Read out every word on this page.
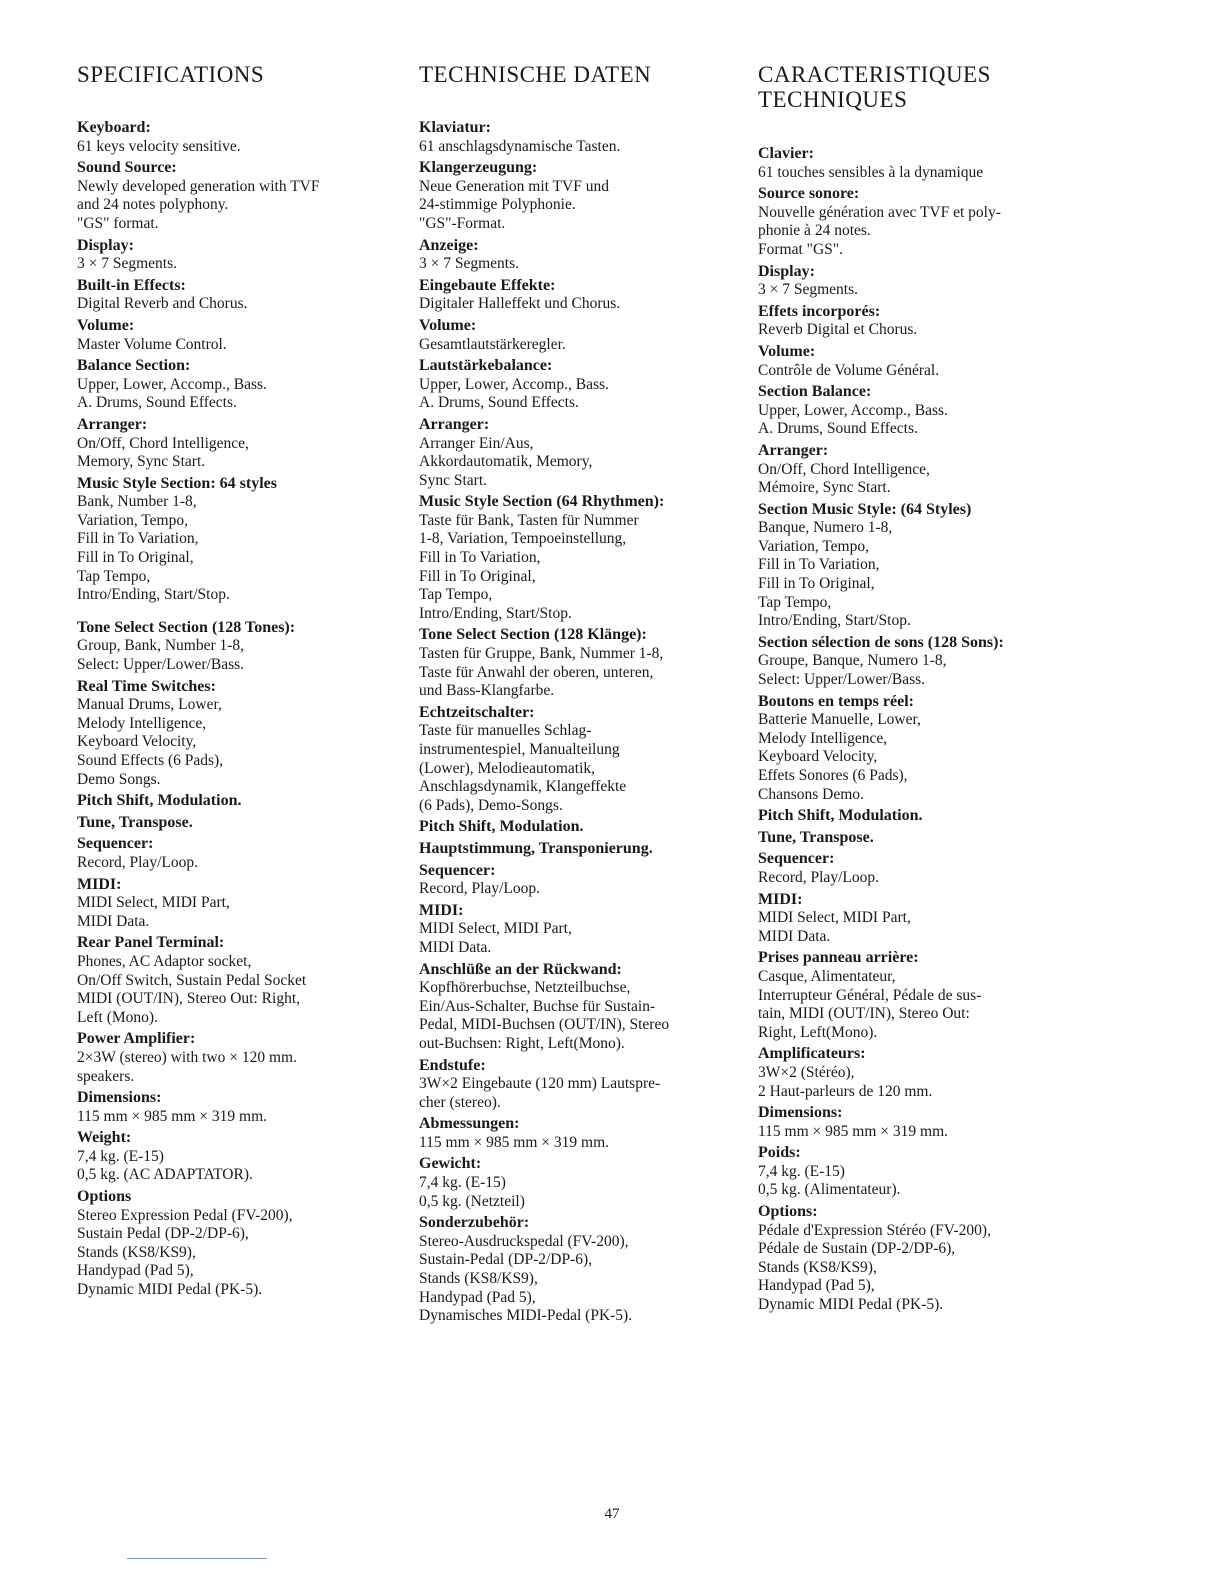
SPECIFICATIONS
Keyboard:
61 keys velocity sensitive.
Sound Source:
Newly developed generation with TVF
and 24 notes polyphony.
"GS" format.
Display:
3 × 7 Segments.
Built-in Effects:
Digital Reverb and Chorus.
Volume:
Master Volume Control.
Balance Section:
Upper, Lower, Accomp., Bass.
A. Drums, Sound Effects.
Arranger:
On/Off, Chord Intelligence,
Memory, Sync Start.
Music Style Section: 64 styles
Bank, Number 1-8,
Variation, Tempo,
Fill in To Variation,
Fill in To Original,
Tap Tempo,
Intro/Ending, Start/Stop.
Tone Select Section (128 Tones):
Group, Bank, Number 1-8,
Select: Upper/Lower/Bass.
Real Time Switches:
Manual Drums, Lower,
Melody Intelligence,
Keyboard Velocity,
Sound Effects (6 Pads),
Demo Songs.
Pitch Shift, Modulation.
Tune, Transpose.
Sequencer:
Record, Play/Loop.
MIDI:
MIDI Select, MIDI Part,
MIDI Data.
Rear Panel Terminal:
Phones, AC Adaptor socket,
On/Off Switch, Sustain Pedal Socket
MIDI (OUT/IN), Stereo Out: Right,
Left (Mono).
Power Amplifier:
2×3W (stereo) with two × 120 mm.
speakers.
Dimensions:
115 mm × 985 mm × 319 mm.
Weight:
7,4 kg. (E-15)
0,5 kg. (AC ADAPTATOR).
Options
Stereo Expression Pedal (FV-200),
Sustain Pedal (DP-2/DP-6),
Stands (KS8/KS9),
Handypad (Pad 5),
Dynamic MIDI Pedal (PK-5).
TECHNISCHE DATEN
Klaviatur:
61 anschlagsdynamische Tasten.
Klangerzeugung:
Neue Generation mit TVF und
24-stimmige Polyphonie.
"GS"-Format.
Anzeige:
3 × 7 Segments.
Eingebaute Effekte:
Digitaler Halleffekt und Chorus.
Volume:
Gesamtlautstärkeregler.
Lautstärkebalance:
Upper, Lower, Accomp., Bass.
A. Drums, Sound Effects.
Arranger:
Arranger Ein/Aus,
Akkordautomatik, Memory,
Sync Start.
Music Style Section (64 Rhythmen):
Taste für Bank, Tasten für Nummer
1-8, Variation, Tempoeinstellung,
Fill in To Variation,
Fill in To Original,
Tap Tempo,
Intro/Ending, Start/Stop.
Tone Select Section (128 Klänge):
Tasten für Gruppe, Bank, Nummer 1-8,
Taste für Anwahl der oberen, unteren,
und Bass-Klangfarbe.
Echtzeitschalter:
Taste für manuelles Schlag-
instrumentespiel, Manualteilung
(Lower), Melodieautomatik,
Anschlagsdynamik, Klangeffekte
(6 Pads), Demo-Songs.
Pitch Shift, Modulation.
Hauptstimmung, Transponierung.
Sequencer:
Record, Play/Loop.
MIDI:
MIDI Select, MIDI Part,
MIDI Data.
Anschlüße an der Rückwand:
Kopfhörerbuchse, Netzteilbuchse,
Ein/Aus-Schalter, Buchse für Sustain-
Pedal, MIDI-Buchsen (OUT/IN), Stereo
out-Buchsen: Right, Left(Mono).
Endstufe:
3W×2 Eingebaute (120 mm) Lautspre-
cher (stereo).
Abmessungen:
115 mm × 985 mm × 319 mm.
Gewicht:
7,4 kg. (E-15)
0,5 kg. (Netzteil)
Sonderzubehör:
Stereo-Ausdruckspedal (FV-200),
Sustain-Pedal (DP-2/DP-6),
Stands (KS8/KS9),
Handypad (Pad 5),
Dynamisches MIDI-Pedal (PK-5).
CARACTERISTIQUES
TECHNIQUES
Clavier:
61 touches sensibles à la dynamique
Source sonore:
Nouvelle génération avec TVF et poly-
phonie à 24 notes.
Format "GS".
Display:
3 × 7 Segments.
Effets incorporés:
Reverb Digital et Chorus.
Volume:
Contrôle de Volume Général.
Section Balance:
Upper, Lower, Accomp., Bass.
A. Drums, Sound Effects.
Arranger:
On/Off, Chord Intelligence,
Mémoire, Sync Start.
Section Music Style: (64 Styles)
Banque, Numero 1-8,
Variation, Tempo,
Fill in To Variation,
Fill in To Original,
Tap Tempo,
Intro/Ending, Start/Stop.
Section sélection de sons (128 Sons):
Groupe, Banque, Numero 1-8,
Select: Upper/Lower/Bass.
Boutons en temps réel:
Batterie Manuelle, Lower,
Melody Intelligence,
Keyboard Velocity,
Effets Sonores (6 Pads),
Chansons Demo.
Pitch Shift, Modulation.
Tune, Transpose.
Sequencer:
Record, Play/Loop.
MIDI:
MIDI Select, MIDI Part,
MIDI Data.
Prises panneau arrière:
Casque, Alimentateur,
Interrupteur Général, Pédale de sus-
tain, MIDI (OUT/IN), Stereo Out:
Right, Left(Mono).
Amplificateurs:
3W×2 (Stéréo),
2 Haut-parleurs de 120 mm.
Dimensions:
115 mm × 985 mm × 319 mm.
Poids:
7,4 kg. (E-15)
0,5 kg. (Alimentateur).
Options:
Pédale d'Expression Stéréo (FV-200),
Pédale de Sustain (DP-2/DP-6),
Stands (KS8/KS9),
Handypad (Pad 5),
Dynamic MIDI Pedal (PK-5).
47
